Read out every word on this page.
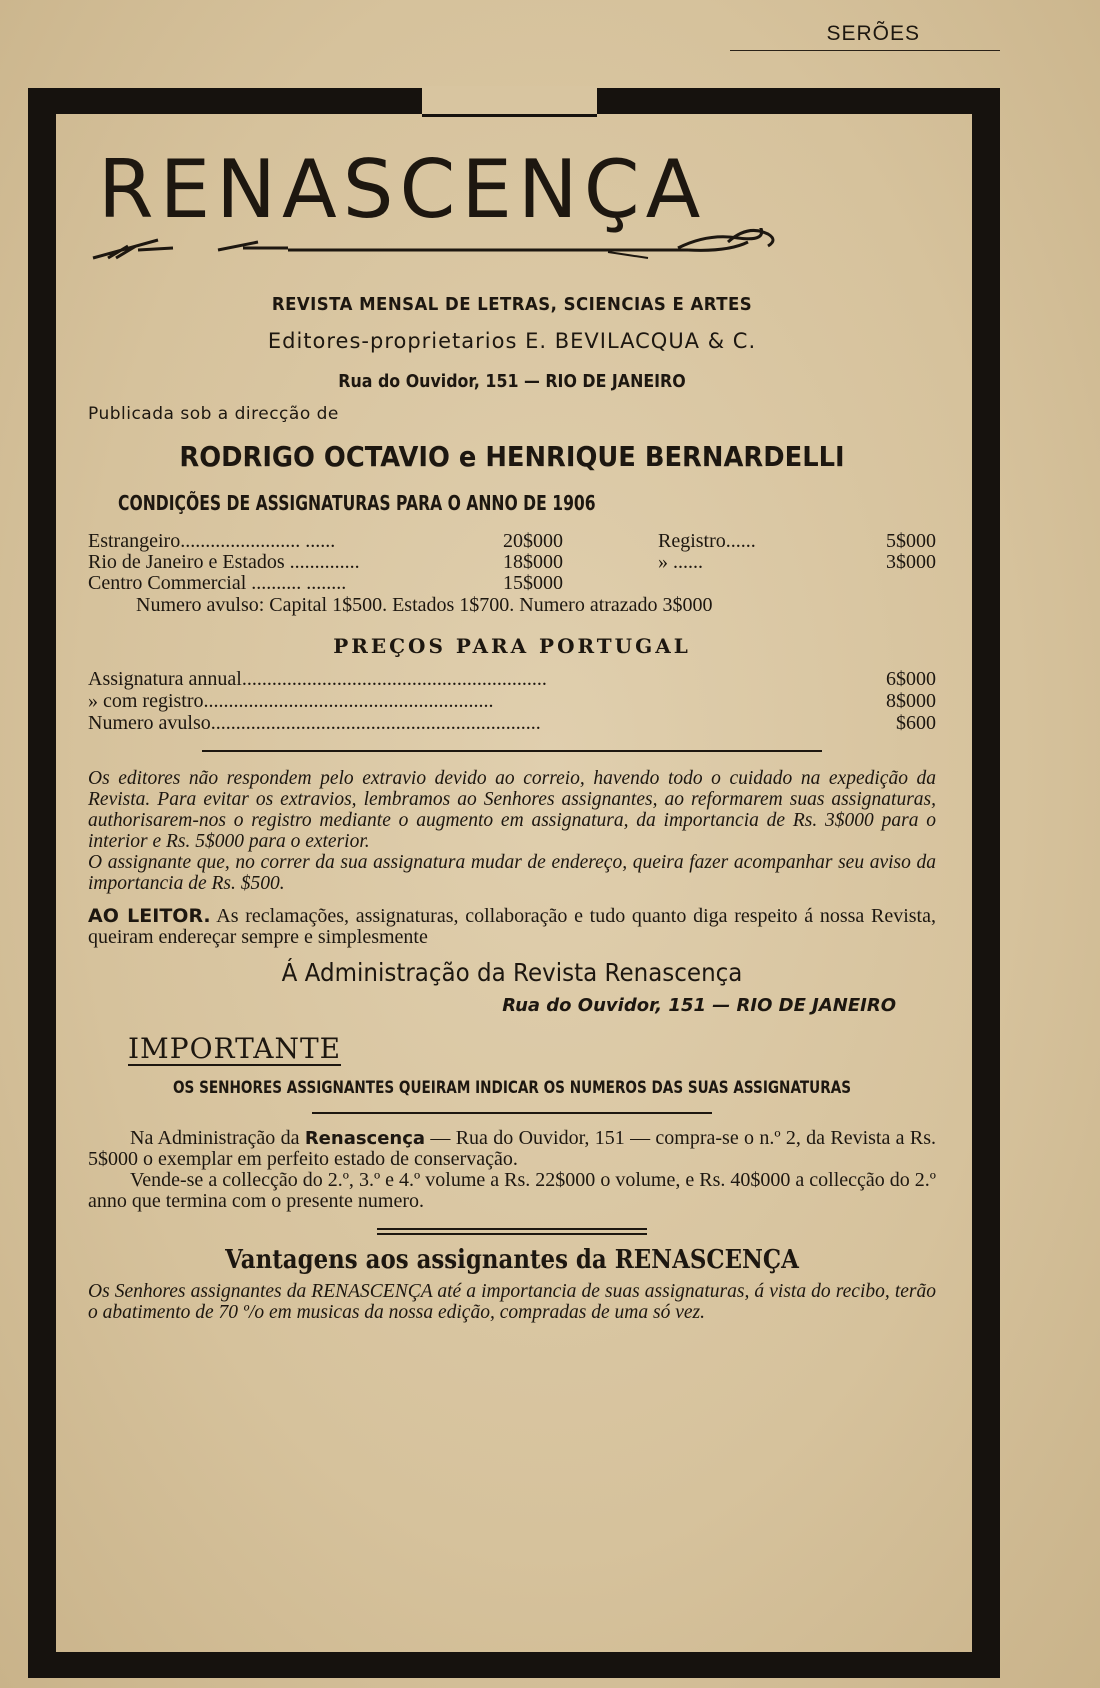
SERÕES
RENASCENÇA
REVISTA MENSAL DE LETRAS, SCIENCIAS E ARTES
Editores-proprietarios E. BEVILACQUA & C.
Rua do Ouvidor, 151 — RIO DE JANEIRO
Publicada sob a direcção de
RODRIGO OCTAVIO e HENRIQUE BERNARDELLI
CONDIÇÕES DE ASSIGNATURAS PARA O ANNO DE 1906
Estrangeiro........................ ......	20$000	Registro......	5$000
Rio de Janeiro e Estados ..............	18$000	» ......	3$000
Centro Commercial .......... ........	15$000
Numero avulso: Capital 1$500. Estados 1$700. Numero atrazado 3$000
PREÇOS PARA PORTUGAL
Assignatura annual.............................................................	6$000
» com registro..........................................................	8$000
Numero avulso..................................................................	$600

Os editores não respondem pelo extravio devido ao correio, havendo todo o cuidado na expedição da Revista. Para evitar os extravios, lembramos ao Senhores assignantes, ao reformarem suas assignaturas, authorisarem-nos o registro mediante o augmento em assignatura, da importancia de Rs. 3$000 para o interior e Rs. 5$000 para o exterior.

O assignante que, no correr da sua assignatura mudar de endereço, queira fazer acompanhar seu aviso da importancia de Rs. $500.

AO LEITOR. As reclamações, assignaturas, collaboração e tudo quanto diga respeito á nossa Revista, queiram endereçar sempre e simplesmente
Á Administração da Revista Renascença
Rua do Ouvidor, 151 — RIO DE JANEIRO
IMPORTANTE
OS SENHORES ASSIGNANTES QUEIRAM INDICAR OS NUMEROS DAS SUAS ASSIGNATURAS

Na Administração da Renascença — Rua do Ouvidor, 151 — compra-se o n.º 2, da Revista a Rs. 5$000 o exemplar em perfeito estado de conservação.

Vende-se a collecção do 2.º, 3.º e 4.º volume a Rs. 22$000 o volume, e Rs. 40$000 a collecção do 2.º anno que termina com o presente numero.

Vantagens aos assignantes da RENASCENÇA
Os Senhores assignantes da RENASCENÇA até a importancia de suas assignaturas, á vista do recibo, terão o abatimento de 70 º/o em musicas da nossa edição, compradas de uma só vez.
